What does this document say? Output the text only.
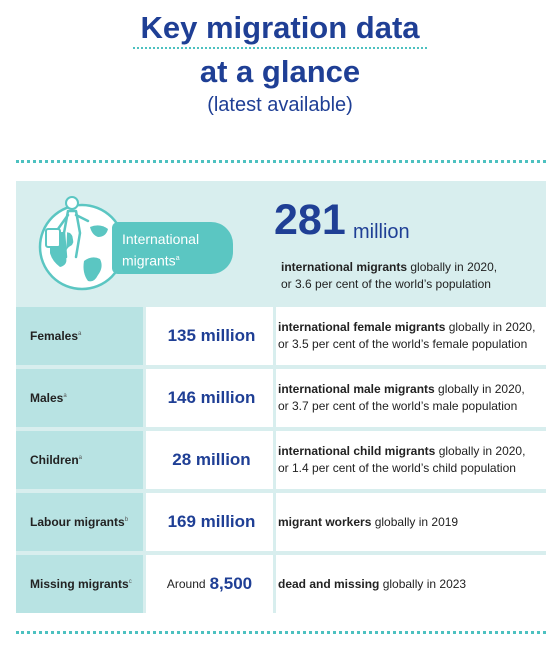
Key migration data
at a glance
(latest available)
International
migrants$^a$
281 million
international migrants globally in 2020,
or 3.6 per cent of the world’s population
Females$^a$	135 million international female migrants globally in 2020,
or 3.5 per cent of the world’s female population
Males$^a$	146 million international male migrants globally in 2020,
or 3.7 per cent of the world’s male population
Children$^a$	28 million international child migrants globally in 2020,
or 1.4 per cent of the world’s child population
Labour migrants$^b$ 169 million migrant workers globally in 2019
Missing migrants$^c$	Around 8,500 dead and missing globally in 2023
